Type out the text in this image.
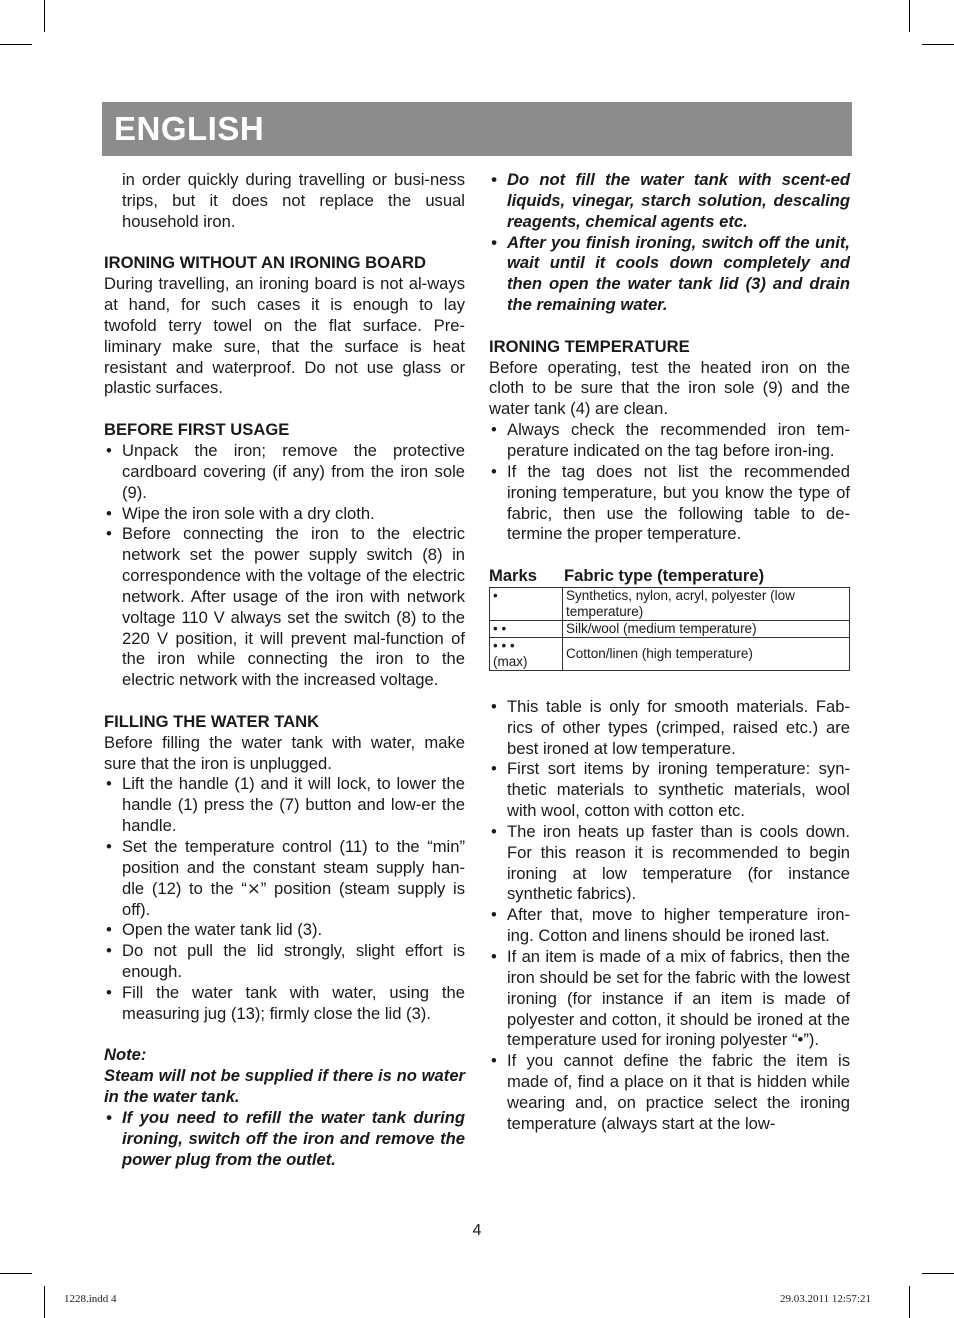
ENGLISH

in order quickly during travelling or busi-ness trips, but it does not replace the usual household iron.

IRONING WITHOUT AN IRONING BOARD

During travelling, an ironing board is not al-ways at hand, for such cases it is enough to lay twofold terry towel on the flat surface. Pre-liminary make sure, that the surface is heat resistant and waterproof. Do not use glass or plastic surfaces.

BEFORE FIRST USAGE

• Unpack the iron; remove the protective cardboard covering (if any) from the iron sole (9).
• Wipe the iron sole with a dry cloth.
• Before connecting the iron to the electric network set the power supply switch (8) in correspondence with the voltage of the electric network. After usage of the iron with network voltage 110 V always set the switch (8) to the 220 V position, it will prevent mal-function of the iron while connecting the iron to the electric network with the increased voltage.

FILLING THE WATER TANK

Before filling the water tank with water, make sure that the iron is unplugged.

• Lift the handle (1) and it will lock, to lower the handle (1) press the (7) button and low-er the handle.
• Set the temperature control (11) to the “min” position and the constant steam supply han-dle (12) to the “⨯” position (steam supply is off).
• Open the water tank lid (3).
• Do not pull the lid strongly, slight effort is enough.
• Fill the water tank with water, using the measuring jug (13); firmly close the lid (3).

Note:

Steam will not be supplied if there is no water in the water tank.

• If you need to refill the water tank during ironing, switch off the iron and remove the power plug from the outlet.
• Do not fill the water tank with scent-ed liquids, vinegar, starch solution, descaling reagents, chemical agents etc.
• After you finish ironing, switch off the unit, wait until it cools down completely and then open the water tank lid (3) and drain the remaining water.

IRONING TEMPERATURE

Before operating, test the heated iron on the cloth to be sure that the iron sole (9) and the water tank (4) are clean.

• Always check the recommended iron tem-perature indicated on the tag before iron-ing.
• If the tag does not list the recommended ironing temperature, but you know the type of fabric, then use the following table to de-termine the proper temperature.
Marks Fabric type (temperature)
•	Synthetics, nylon, acryl, polyester (low temperature)
• •	Silk/wool (medium temperature)
• • •
(max)	Cotton/linen (high temperature)
• This table is only for smooth materials. Fab-rics of other types (crimped, raised etc.) are best ironed at low temperature.
• First sort items by ironing temperature: syn-thetic materials to synthetic materials, wool with wool, cotton with cotton etc.
• The iron heats up faster than is cools down. For this reason it is recommended to begin ironing at low temperature (for instance synthetic fabrics).
• After that, move to higher temperature iron-ing. Cotton and linens should be ironed last.
• If an item is made of a mix of fabrics, then the iron should be set for the fabric with the lowest ironing (for instance if an item is made of polyester and cotton, it should be ironed at the temperature used for ironing polyester “•”).
• If you cannot define the fabric the item is made of, find a place on it that is hidden while wearing and, on practice select the ironing temperature (always start at the low-
4
1228.indd 4	29.03.2011 12:57:21
